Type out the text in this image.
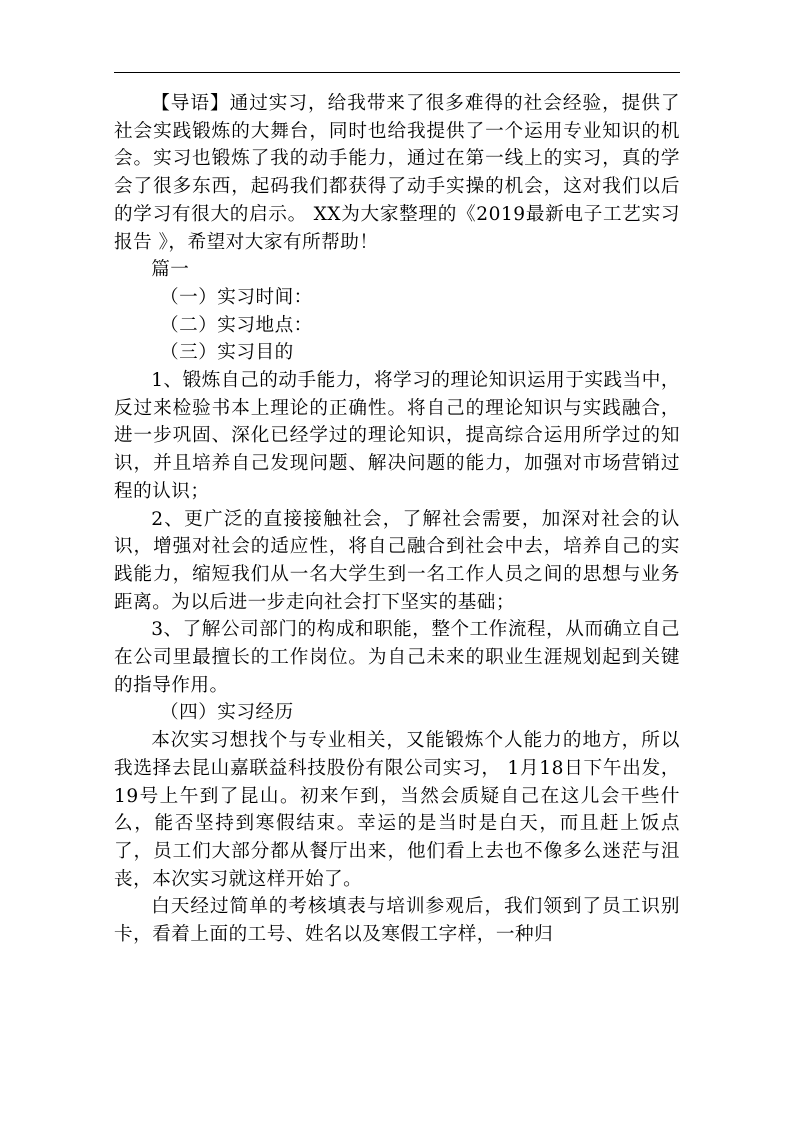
【导语】通过实习，给我带来了很多难得的社会经验，提供了社会实践锻炼的大舞台，同时也给我提供了一个运用专业知识的机会。实习也锻炼了我的动手能力，通过在第一线上的实习，真的学会了很多东西，起码我们都获得了动手实操的机会，这对我们以后的学习有很大的启示。 XX为大家整理的《2019最新电子工艺实习报告 》，希望对大家有所帮助！

篇一

（一）实习时间：

（二）实习地点：

（三）实习目的

1、锻炼自己的动手能力，将学习的理论知识运用于实践当中，反过来检验书本上理论的正确性。将自己的理论知识与实践融合，进一步巩固、深化已经学过的理论知识，提高综合运用所学过的知识，并且培养自己发现问题、解决问题的能力，加强对市场营销过程的认识；

2、更广泛的直接接触社会，了解社会需要，加深对社会的认识，增强对社会的适应性，将自己融合到社会中去，培养自己的实践能力，缩短我们从一名大学生到一名工作人员之间的思想与业务距离。为以后进一步走向社会打下坚实的基础；

3、了解公司部门的构成和职能，整个工作流程，从而确立自己在公司里最擅长的工作岗位。为自己未来的职业生涯规划起到关键的指导作用。

（四）实习经历

本次实习想找个与专业相关，又能锻炼个人能力的地方，所以我选择去昆山嘉联益科技股份有限公司实习， 1月18日下午出发，19号上午到了昆山。初来乍到，当然会质疑自己在这儿会干些什么，能否坚持到寒假结束。幸运的是当时是白天，而且赶上饭点了，员工们大部分都从餐厅出来，他们看上去也不像多么迷茫与沮丧，本次实习就这样开始了。

白天经过简单的考核填表与培训参观后，我们领到了员工识别卡，看着上面的工号、姓名以及寒假工字样，一种归
